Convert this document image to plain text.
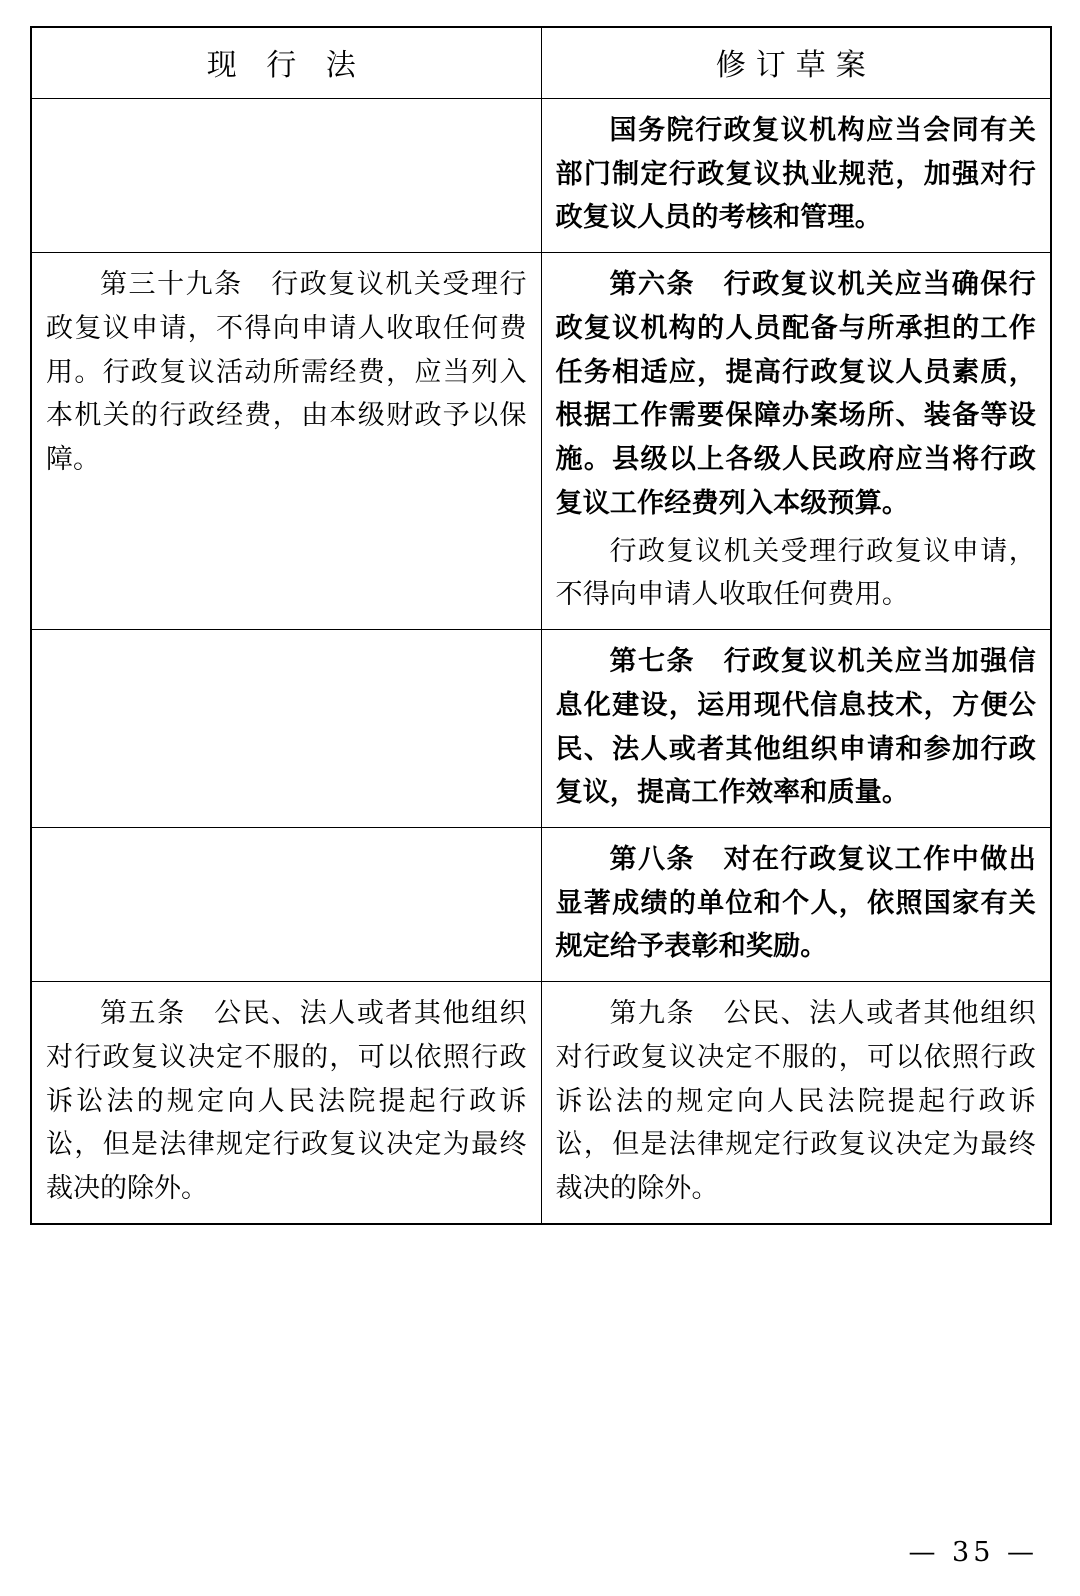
现 行 法	修订草案

	国务院行政复议机构应当会同有关部门制定行政复议执业规范，加强对行政复议人员的考核和管理。

第三十九条　行政复议机关受理行政复议申请，不得向申请人收取任何费用。行政复议活动所需经费，应当列入本机关的行政经费，由本级财政予以保障。	第六条　行政复议机关应当确保行政复议机构的人员配备与所承担的工作任务相适应，提高行政复议人员素质，根据工作需要保障办案场所、装备等设施。县级以上各级人民政府应当将行政复议工作经费列入本级预算。

行政复议机关受理行政复议申请，不得向申请人收取任何费用。

	第七条　行政复议机关应当加强信息化建设，运用现代信息技术，方便公民、法人或者其他组织申请和参加行政复议，提高工作效率和质量。

	第八条　对在行政复议工作中做出显著成绩的单位和个人，依照国家有关规定给予表彰和奖励。

第五条　公民、法人或者其他组织对行政复议决定不服的，可以依照行政诉讼法的规定向人民法院提起行政诉讼，但是法律规定行政复议决定为最终裁决的除外。	第九条　公民、法人或者其他组织对行政复议决定不服的，可以依照行政诉讼法的规定向人民法院提起行政诉讼，但是法律规定行政复议决定为最终裁决的除外。

— 35 —
